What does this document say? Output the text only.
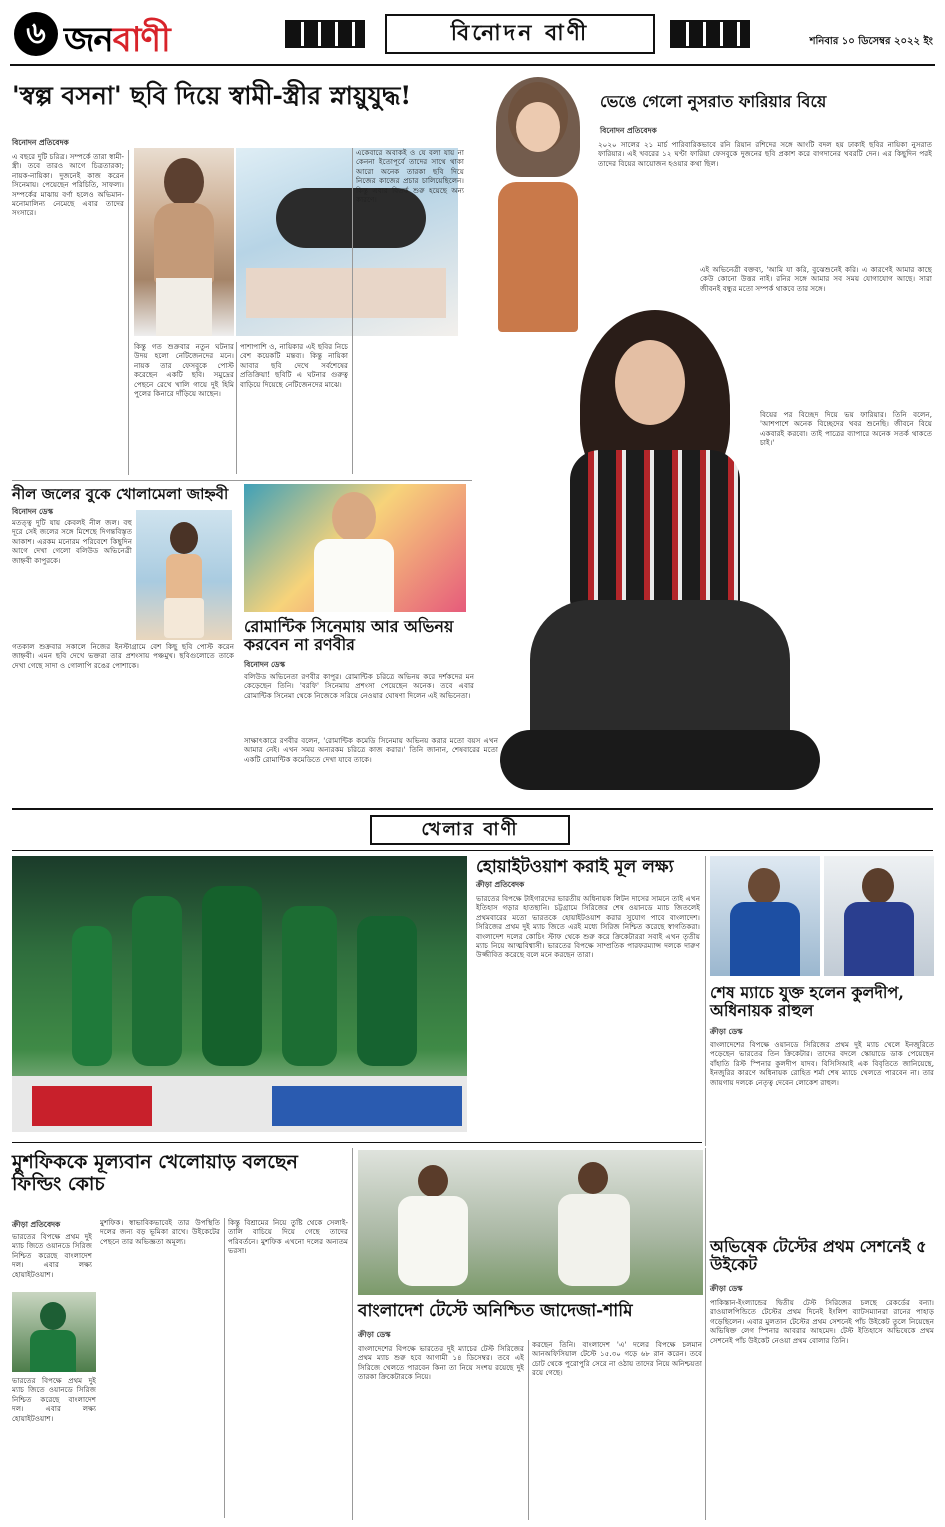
৬ জনবাণী	বিনোদন বাণী	শনিবার ১০ ডিসেম্বর ২০২২ ইং
'স্বল্প বসনা' ছবি দিয়ে স্বামী-স্ত্রীর স্নায়ুযুদ্ধ!
বিনোদন প্রতিবেদক

এ বছরে দুটি চরিত্র। সম্পর্কে তারা স্বামী-স্ত্রী। তবে তারও আগে চিত্রতারকা; নায়ক-নায়িকা। দুজনেই কাজ করেন সিনেমায়। পেয়েছেন পরিচিতি, সাফল্য। সম্পর্কের মাঝায় বর্ণা হলেও অভিমান-মনোমালিন্য নেমেছে এবার তাদের সংসারে।

কিন্তু গত শুক্রবার নতুন ঘটনার উদয় হলো নেটিজেনদের মনে। নায়ক তার ফেসবুকে পোস্ট করেছেন একটি ছবি। সমুদ্রের পেছনে রেখে খালি গায়ে দুই হিমি পুলের কিনারে দাঁড়িয়ে আছেন।

পাশাপাশি ও, নায়িকার এই ছবির নিচে বেশ কয়েকটি মন্তব্য। কিন্তু নায়িকা আবার ছবি দেখে সর্বশেষের প্রতিক্রিয়া! ছবিটি এ ঘটনার গুরুত্ব বাড়িয়ে দিয়েছে নেটিজেনদের মাঝে।

একেবারে অবাকই ও যে বলা যায় না কেননা ইতোপূর্বে তাদের সাথে থাকা আরো অনেক তারকা ছবি দিয়ে নিজের কাজের প্রচার চালিয়েছিলেন। কিন্তু এবার বিতর্ক শুরু হয়েছে অন্য কারণে।

ভেঙে গেলো নুসরাত ফারিয়ার বিয়ে
বিনোদন প্রতিবেদক

২০২০ সালের ২১ মার্চ পারিবারিকভাবে রনি রিয়ান রশিদের সঙ্গে আংটি বদল হয় ঢাকাই ছবির নায়িকা নুসরাত ফারিয়ার। এই খবরের ১২ ঘণ্টা ফারিয়া ফেসবুকে দুজনের ছবি প্রকাশ করে বাগদানের খবরটি দেন। এর কিছুদিন পরই তাদের বিয়ের আয়োজন হওয়ার কথা ছিল।

এই অভিনেত্রী বক্তব্য, 'আমি যা করি, বুঝেশুনেই করি। এ কারণেই আমার কাছে কেউ কোনো উত্তর নাই। রনির সঙ্গে আমার সব সময় যোগাযোগ আছে। সারা জীবনই বন্ধুর মতো সম্পর্ক থাকবে তার সঙ্গে।

বিয়ের পর বিচ্ছেদ দিয়ে ভয় ফারিয়ার। তিনি বলেন, 'আশপাশে অনেক বিচ্ছেদের খবর শুনেছি। জীবনে বিয়ে একবারই করবো। তাই পাত্রের ব্যাপারে অনেক সতর্ক থাকতে চাই।'

নীল জলের বুকে খোলামেলা জাহ্নবী
বিনোদন ডেস্ক

মতত্ত্ব দুটি যায় কেবলই নীল জল। বহু দূরে সেই জলের সঙ্গে মিশেছে দিগন্তবিস্তৃত আকাশ। এরকম মনোরম পরিবেশে কিছুদিন আগে দেখা গেলো বলিউড অভিনেত্রী জাহ্নবী কাপুরকে।

গতকাল শুক্রবার সকালে নিজের ইনস্টাগ্রামে বেশ কিছু ছবি পোস্ট করেন জাহ্নবী। এমন ছবি দেখে ভক্তরা তার প্রশংসায় পঞ্চমুখ। ছবিগুলোতে তাকে দেখা গেছে সাদা ও গোলাপি রঙের পোশাকে।

রোমান্টিক সিনেমায় আর অভিনয় করবেন না রণবীর
বিনোদন ডেস্ক

বলিউড অভিনেতা রণবীর কাপুর। রোমান্টিক চরিত্রে অভিনয় করে দর্শকদের মন কেড়েছেন তিনি। 'বরফি' সিনেমায় প্রশংসা পেয়েছেন অনেক। তবে এবার রোমান্টিক সিনেমা থেকে নিজেকে সরিয়ে নেওয়ার ঘোষণা দিলেন এই অভিনেতা।

সাক্ষাৎকারে রণবীর বলেন, 'রোমান্টিক কমেডি সিনেমায় অভিনয় করার মতো বয়স এখন আমার নেই। এখন সময় অন্যরকম চরিত্রে কাজ করার।' তিনি জানান, শেষবারের মতো একটি রোমান্টিক কমেডিতে দেখা যাবে তাকে।

খেলার বাণী
হোয়াইটওয়াশ করাই মূল লক্ষ্য
ক্রীড়া প্রতিবেদক

ভারতের বিপক্ষে টাইগারদের ভারতীয় অধিনায়ক লিটন দাসের সামনে তাই এখন ইতিহাস গড়ার হাতছানি। চট্টগ্রামে সিরিজের শেষ ওয়ানডে ম্যাচ জিতলেই প্রথমবারের মতো ভারতকে হোয়াইটওয়াশ করার সুযোগ পাবে বাংলাদেশ। সিরিজের প্রথম দুই ম্যাচ জিতে এরই মধ্যে সিরিজ নিশ্চিত করেছে স্বাগতিকরা। বাংলাদেশ দলের কোচিং স্টাফ থেকে শুরু করে ক্রিকেটাররা সবাই এখন তৃতীয় ম্যাচ নিয়ে আত্মবিশ্বাসী। ভারতের বিপক্ষে সাম্প্রতিক পারফরম্যান্স দলকে দারুণ উজ্জীবিত করেছে বলে মনে করছেন তারা।

শেষ ম্যাচে যুক্ত হলেন কুলদীপ, অধিনায়ক রাহুল
ক্রীড়া ডেস্ক

বাংলাদেশের বিপক্ষে ওয়ানডে সিরিজের প্রথম দুই ম্যাচ খেলে ইনজুরিতে পড়েছেন ভারতের তিন ক্রিকেটার। তাদের বদলে স্কোয়াডে ডাক পেয়েছেন বাঁহাতি রিস্ট স্পিনার কুলদীপ যাদব। বিসিসিআই এক বিবৃতিতে জানিয়েছে, ইনজুরির কারণে অধিনায়ক রোহিত শর্মা শেষ ম্যাচে খেলতে পারবেন না। তার জায়গায় দলকে নেতৃত্ব দেবেন লোকেশ রাহুল।

মুশফিককে মূল্যবান খেলোয়াড় বলছেন ফিল্ডিং কোচ
ক্রীড়া প্রতিবেদক

ভারতের বিপক্ষে প্রথম দুই ম্যাচ জিতে ওয়ানডে সিরিজ নিশ্চিত করেছে বাংলাদেশ দল। এবার লক্ষ্য হোয়াইটওয়াশ।

ভারতের বিপক্ষে প্রথম দুই ম্যাচ জিতে ওয়ানডে সিরিজ নিশ্চিত করেছে বাংলাদেশ দল। এবার লক্ষ্য হোয়াইটওয়াশ।

মুশফিক। স্বাভাবিকভাবেই তার উপস্থিতি দলের জন্য বড় ভূমিকা রাখে। উইকেটের পেছনে তার অভিজ্ঞতা অমূল্য।

কিন্তু বিশ্রামের নিয়ে তুষ্টি থেকে সেলাই-তালি বাচিয়ে দিয়ে গেছে তাদের পরিবর্তনে। মুশফিক এখনো দলের অন্যতম ভরসা।

বাংলাদেশ টেস্টে অনিশ্চিত জাদেজা-শামি
ক্রীড়া ডেস্ক

বাংলাদেশের বিপক্ষে ভারতের দুই ম্যাচের টেস্ট সিরিজের প্রথম ম্যাচ শুরু হবে আগামী ১৪ ডিসেম্বর। তবে এই সিরিজে খেলতে পারবেন কিনা তা নিয়ে সংশয় রয়েছে দুই তারকা ক্রিকেটারকে নিয়ে।

করছেন তিনি। বাংলাদেশ 'এ' দলের বিপক্ষে চলমান আনঅফিসিয়াল টেস্টে ১৫.৩০ গড়ে ৬৮ রান করেন। তবে চোট থেকে পুরোপুরি সেরে না ওঠায় তাদের নিয়ে অনিশ্চয়তা রয়ে গেছে।

অভিষেক টেস্টের প্রথম সেশনেই ৫ উইকেট
ক্রীড়া ডেস্ক

পাকিস্তান-ইংল্যান্ডের দ্বিতীয় টেস্ট সিরিজের চলছে রেকর্ডের বন্যা। রাওয়ালপিন্ডিতে টেস্টের প্রথম দিনেই ইংলিশ ব্যাটসম্যানরা রানের পাহাড় গড়েছিলেন। এবার মুলতান টেস্টের প্রথম সেশনেই পাঁচ উইকেট তুলে নিয়েছেন অভিষিক্ত লেগ স্পিনার আবরার আহমেদ। টেস্ট ইতিহাসে অভিষেকে প্রথম সেশনেই পাঁচ উইকেট নেওয়া প্রথম বোলার তিনি।
